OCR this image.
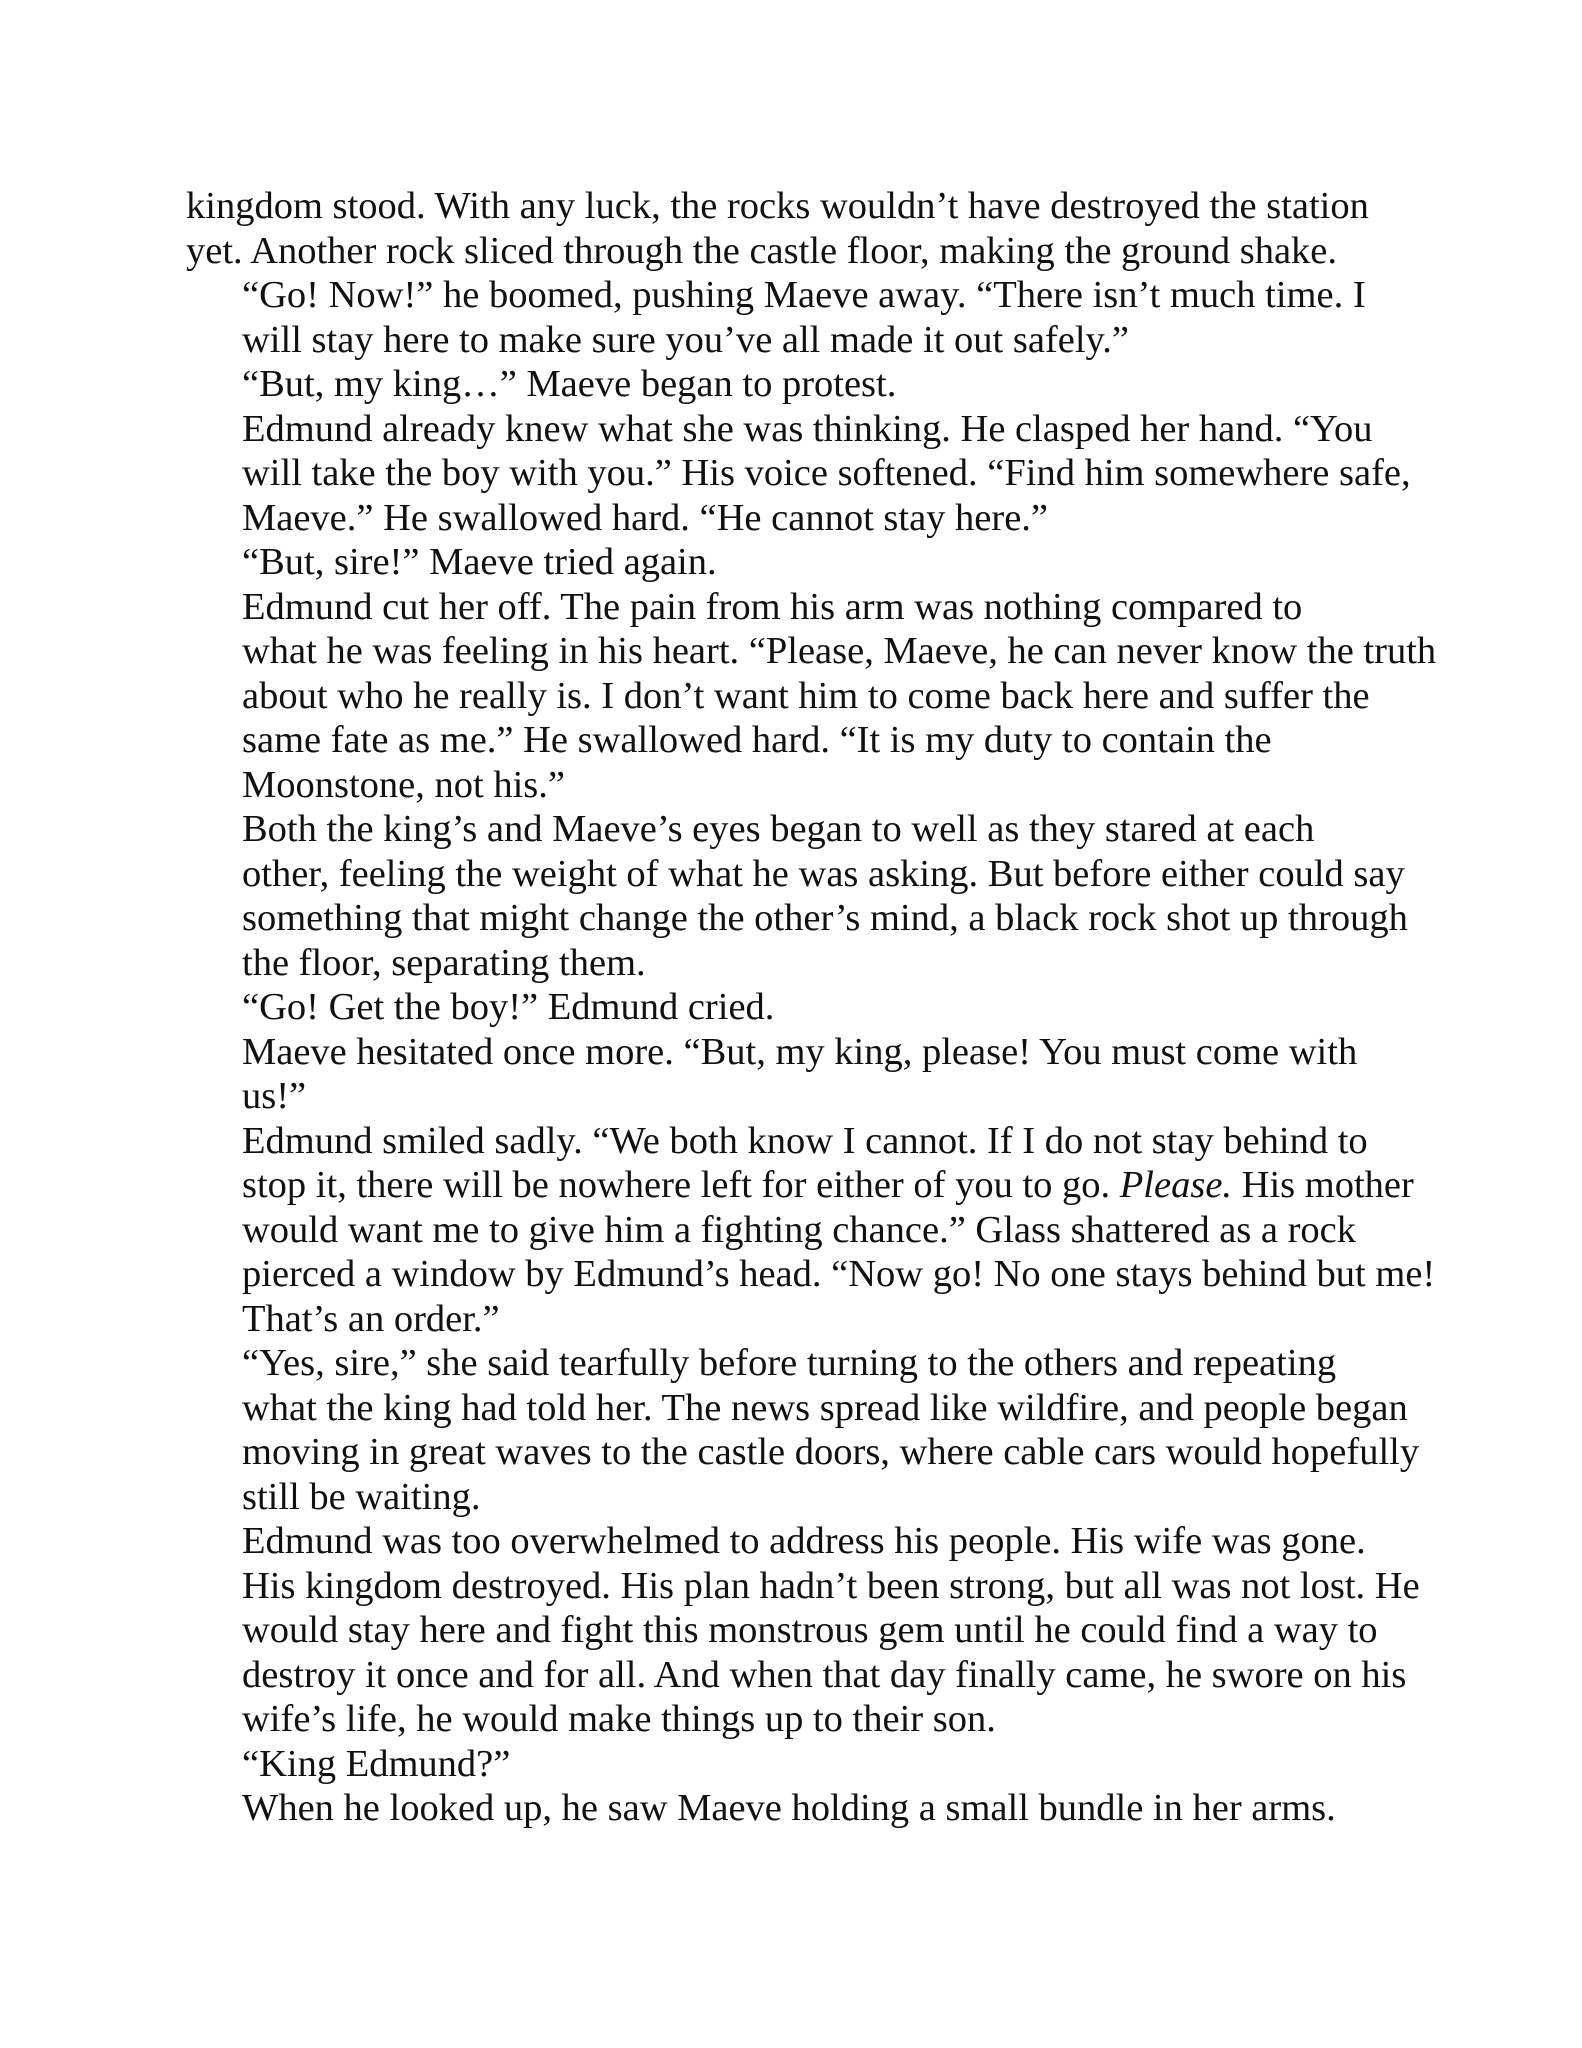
kingdom stood. With any luck, the rocks wouldn’t have destroyed the station
yet. Another rock sliced through the castle floor, making the ground shake.

“Go! Now!” he boomed, pushing Maeve away. “There isn’t much time. I
will stay here to make sure you’ve all made it out safely.”

“But, my king…” Maeve began to protest.

Edmund already knew what she was thinking. He clasped her hand. “You
will take the boy with you.” His voice softened. “Find him somewhere safe,
Maeve.” He swallowed hard. “He cannot stay here.”

“But, sire!” Maeve tried again.

Edmund cut her off. The pain from his arm was nothing compared to
what he was feeling in his heart. “Please, Maeve, he can never know the truth
about who he really is. I don’t want him to come back here and suffer the
same fate as me.” He swallowed hard. “It is my duty to contain the
Moonstone, not his.”

Both the king’s and Maeve’s eyes began to well as they stared at each
other, feeling the weight of what he was asking. But before either could say
something that might change the other’s mind, a black rock shot up through
the floor, separating them.

“Go! Get the boy!” Edmund cried.

Maeve hesitated once more. “But, my king, please! You must come with
us!”

Edmund smiled sadly. “We both know I cannot. If I do not stay behind to
stop it, there will be nowhere left for either of you to go. Please. His mother
would want me to give him a fighting chance.” Glass shattered as a rock
pierced a window by Edmund’s head. “Now go! No one stays behind but me!
That’s an order.”

“Yes, sire,” she said tearfully before turning to the others and repeating
what the king had told her. The news spread like wildfire, and people began
moving in great waves to the castle doors, where cable cars would hopefully
still be waiting.

Edmund was too overwhelmed to address his people. His wife was gone.
His kingdom destroyed. His plan hadn’t been strong, but all was not lost. He
would stay here and fight this monstrous gem until he could find a way to
destroy it once and for all. And when that day finally came, he swore on his
wife’s life, he would make things up to their son.

“King Edmund?”

When he looked up, he saw Maeve holding a small bundle in her arms.
